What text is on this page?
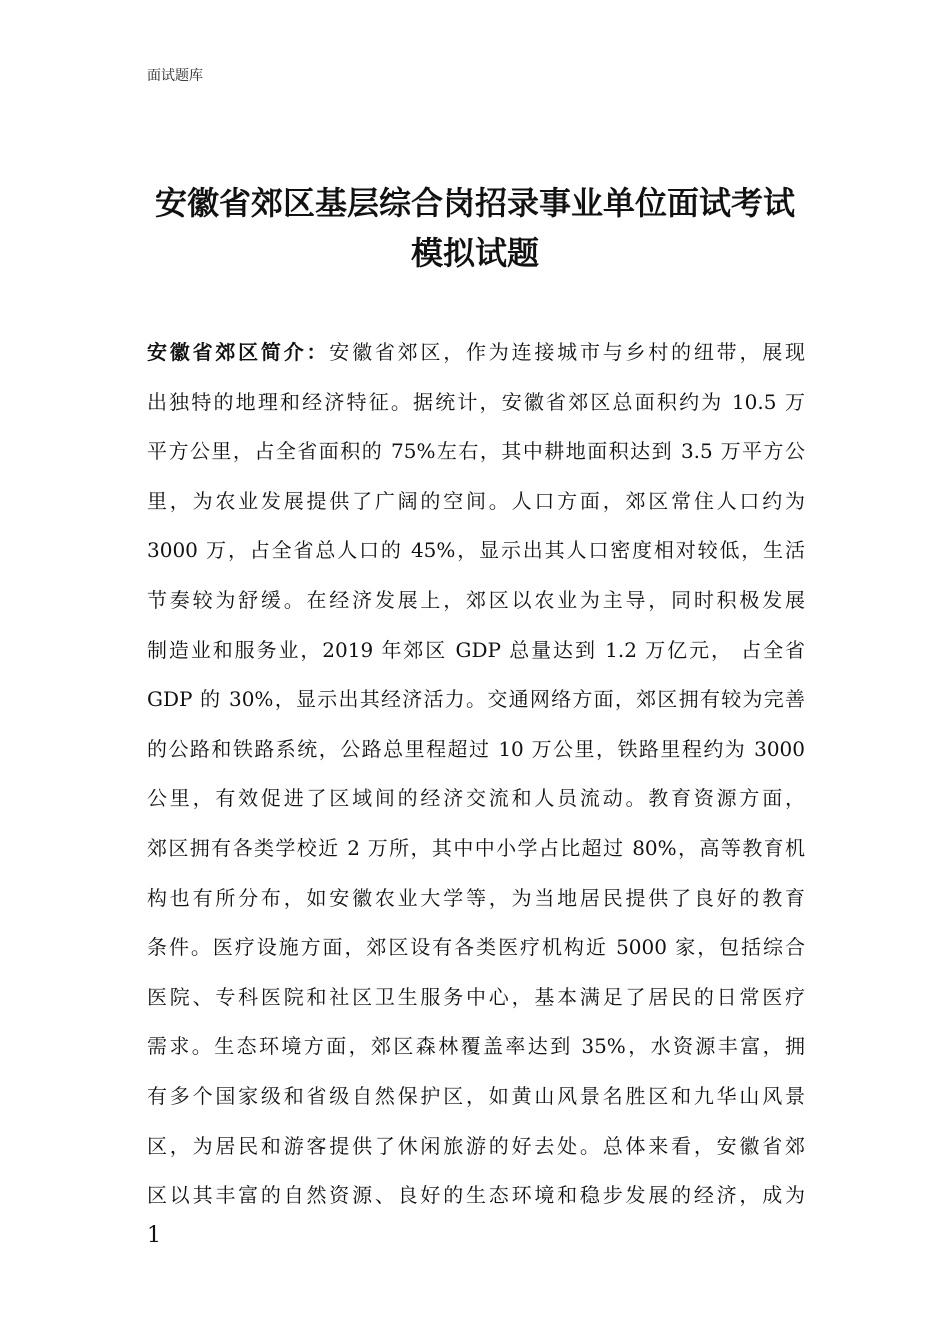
面试题库
安徽省郊区基层综合岗招录事业单位面试考试
模拟试题
安徽省郊区简介：安徽省郊区，作为连接城市与乡村的纽带，展现
出独特的地理和经济特征。据统计，安徽省郊区总面积约为 10.5 万
平方公里，占全省面积的 75%左右，其中耕地面积达到 3.5 万平方公
里，为农业发展提供了广阔的空间。人口方面，郊区常住人口约为
3000 万，占全省总人口的 45%，显示出其人口密度相对较低，生活
节奏较为舒缓。在经济发展上，郊区以农业为主导，同时积极发展
制造业和服务业，2019 年郊区 GDP 总量达到 1.2 万亿元， 占全省
GDP 的 30%，显示出其经济活力。交通网络方面，郊区拥有较为完善
的公路和铁路系统，公路总里程超过 10 万公里，铁路里程约为 3000
公里，有效促进了区域间的经济交流和人员流动。教育资源方面，
郊区拥有各类学校近 2 万所，其中中小学占比超过 80%，高等教育机
构也有所分布，如安徽农业大学等，为当地居民提供了良好的教育
条件。医疗设施方面，郊区设有各类医疗机构近 5000 家，包括综合
医院、专科医院和社区卫生服务中心，基本满足了居民的日常医疗
需求。生态环境方面，郊区森林覆盖率达到 35%，水资源丰富，拥
有多个国家级和省级自然保护区，如黄山风景名胜区和九华山风景
区，为居民和游客提供了休闲旅游的好去处。总体来看，安徽省郊
区以其丰富的自然资源、良好的生态环境和稳步发展的经济，成为
1
